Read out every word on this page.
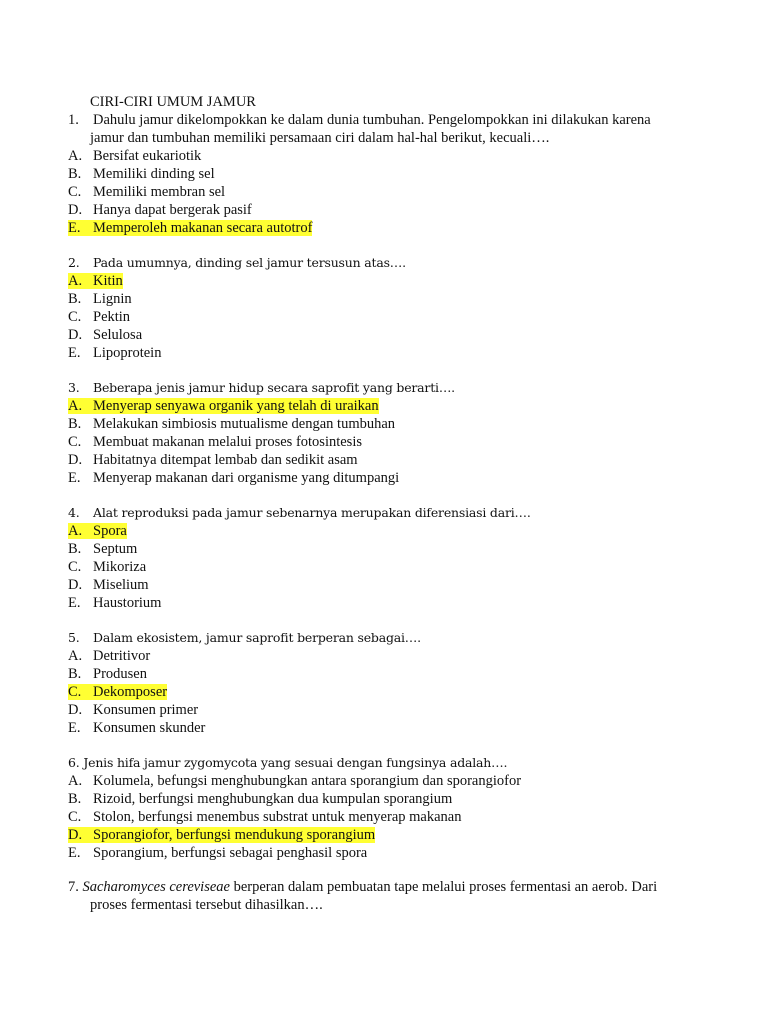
CIRI-CIRI UMUM JAMUR
1. Dahulu jamur dikelompokkan ke dalam dunia tumbuhan. Pengelompokkan ini dilakukan karena
jamur dan tumbuhan memiliki persamaan ciri dalam hal-hal berikut, kecuali….
A. Bersifat eukariotik
B. Memiliki dinding sel
C. Memiliki membran sel
D. Hanya dapat bergerak pasif
E. Memperoleh makanan secara autotrof
2. Pada umumnya, dinding sel jamur tersusun atas….
A. Kitin
B. Lignin
C. Pektin
D. Selulosa
E. Lipoprotein
3. Beberapa jenis jamur hidup secara saprofit yang berarti….
A. Menyerap senyawa organik yang telah di uraikan
B. Melakukan simbiosis mutualisme dengan tumbuhan
C. Membuat makanan melalui proses fotosintesis
D. Habitatnya ditempat lembab dan sedikit asam
E. Menyerap makanan dari organisme yang ditumpangi
4. Alat reproduksi pada jamur sebenarnya merupakan diferensiasi dari….
A. Spora
B. Septum
C. Mikoriza
D. Miselium
E. Haustorium
5. Dalam ekosistem, jamur saprofit berperan sebagai….
A. Detritivor
B. Produsen
C. Dekomposer
D. Konsumen primer
E. Konsumen skunder
6. Jenis hifa jamur zygomycota yang sesuai dengan fungsinya adalah….
A. Kolumela, befungsi menghubungkan antara sporangium dan sporangiofor
B. Rizoid, berfungsi menghubungkan dua kumpulan sporangium
C. Stolon, berfungsi menembus substrat untuk menyerap makanan
D. Sporangiofor, berfungsi mendukung sporangium
E. Sporangium, berfungsi sebagai penghasil spora
7. Sacharomyces cereviseae berperan dalam pembuatan tape melalui proses fermentasi an aerob. Dari
proses fermentasi tersebut dihasilkan….
